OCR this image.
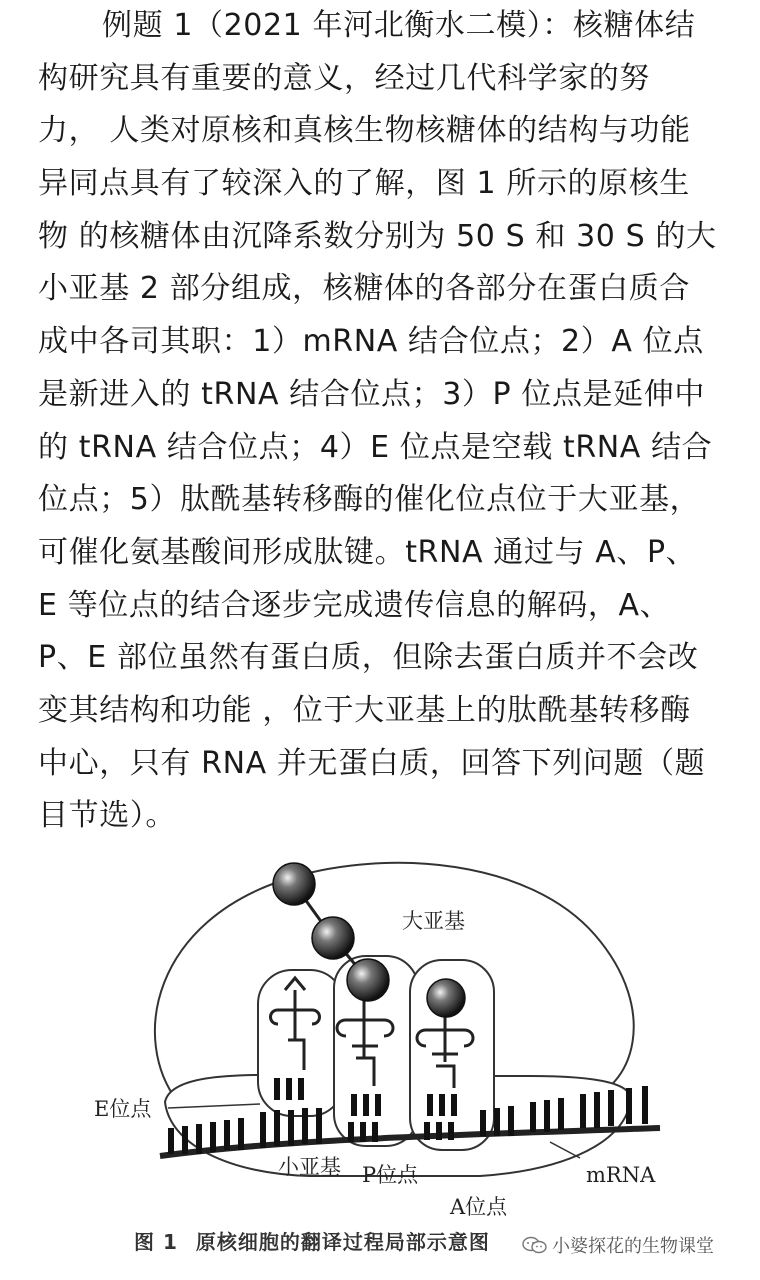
例题 1（2021 年河北衡水二模）：核糖体结
构研究具有重要的意义，经过几代科学家的努
力， 人类对原核和真核生物核糖体的结构与功能
异同点具有了较深入的了解，图 1 所示的原核生
物 的核糖体由沉降系数分别为 50 S 和 30 S 的大
小亚基 2 部分组成，核糖体的各部分在蛋白质合
成中各司其职：1）mRNA 结合位点；2）A 位点
是新进入的 tRNA 结合位点；3）P 位点是延伸中
的 tRNA 结合位点；4）E 位点是空载 tRNA 结合
位点；5）肽酰基转移酶的催化位点位于大亚基，
可催化氨基酸间形成肽键。tRNA 通过与 A、P、
E 等位点的结合逐步完成遗传信息的解码，A、
P、E 部位虽然有蛋白质，但除去蛋白质并不会改
变其结构和功能 ，位于大亚基上的肽酰基转移酶
中心，只有 RNA 并无蛋白质，回答下列问题（题
目节选）。
大亚基
E位点
小亚基 P位点
A位点
mRNA
图 1 原核细胞的翻译过程局部示意图	小婆探花的生物课堂
